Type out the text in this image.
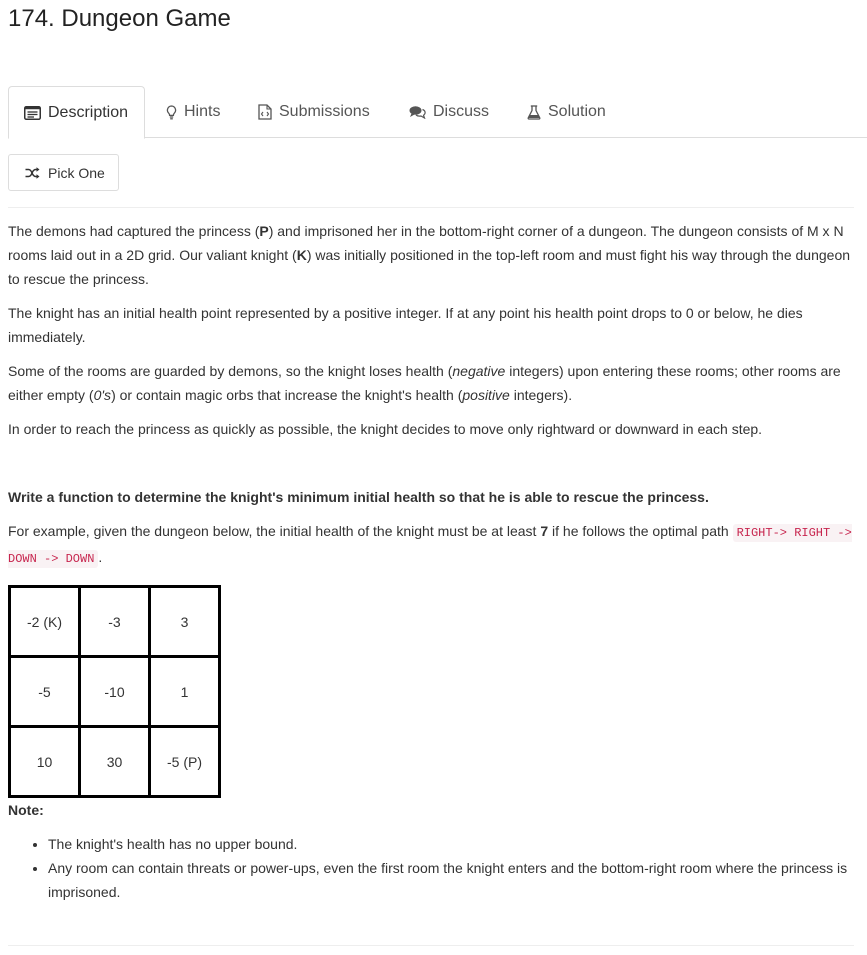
174. Dungeon Game
Description	Hints	Submissions	Discuss	Solution
Pick One

The demons had captured the princess (P) and imprisoned her in the bottom-right corner of a dungeon. The dungeon consists of M x N rooms laid out in a 2D grid. Our valiant knight (K) was initially positioned in the top-left room and must fight his way through the dungeon to rescue the princess.

The knight has an initial health point represented by a positive integer. If at any point his health point drops to 0 or below, he dies immediately.

Some of the rooms are guarded by demons, so the knight loses health (negative integers) upon entering these rooms; other rooms are either empty (0's) or contain magic orbs that increase the knight's health (positive integers).

In order to reach the princess as quickly as possible, the knight decides to move only rightward or downward in each step.

Write a function to determine the knight's minimum initial health so that he is able to rescue the princess.

For example, given the dungeon below, the initial health of the knight must be at least 7 if he follows the optimal path RIGHT-> RIGHT -> DOWN -> DOWN .

-2 (K)	-3	3
-5	-10	1
10	30	-5 (P)

Note:

• The knight's health has no upper bound.
• Any room can contain threats or power-ups, even the first room the knight enters and the bottom-right room where the princess is imprisoned.
